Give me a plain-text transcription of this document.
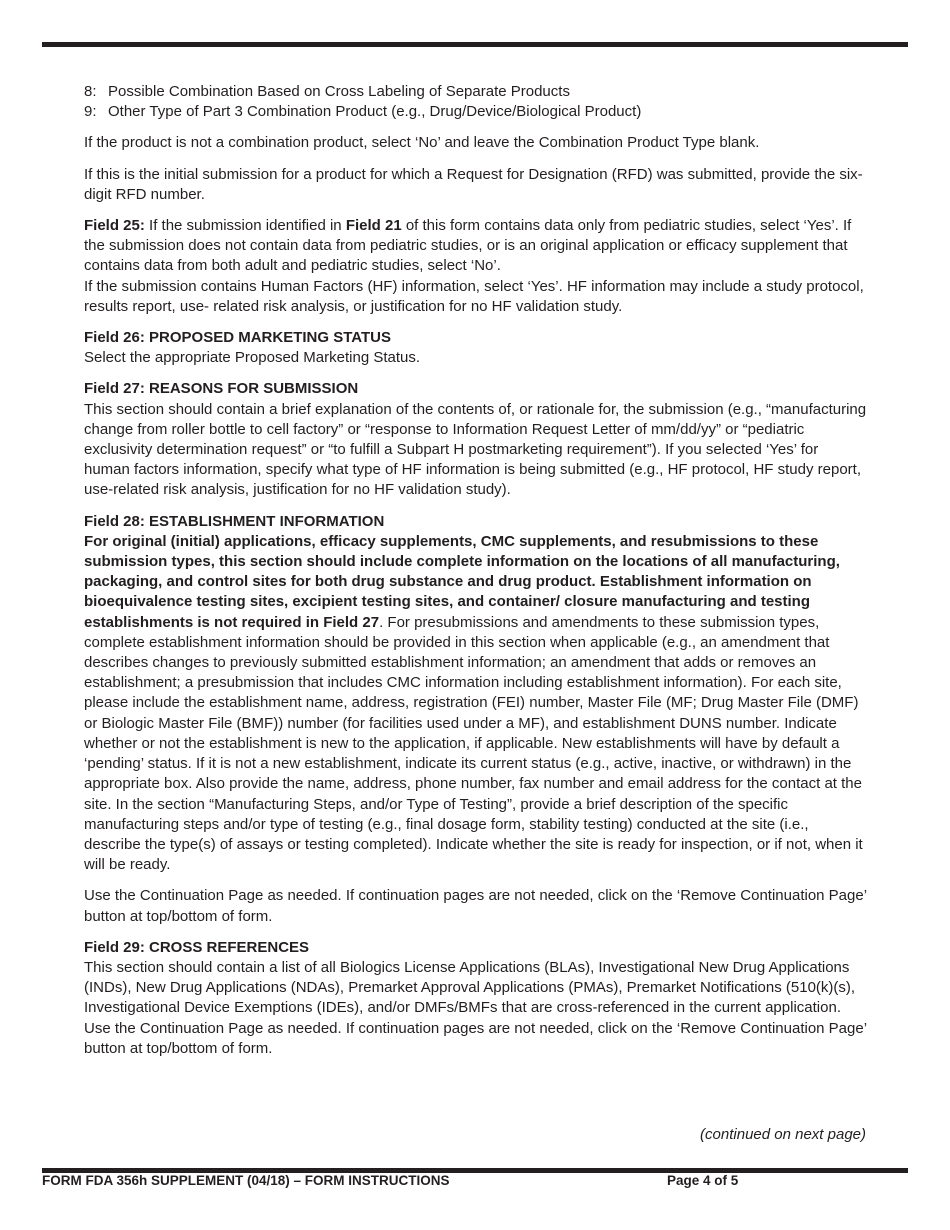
8: Possible Combination Based on Cross Labeling of Separate Products
9: Other Type of Part 3 Combination Product (e.g., Drug/Device/Biological Product)

If the product is not a combination product, select ‘No’ and leave the Combination Product Type blank.

If this is the initial submission for a product for which a Request for Designation (RFD) was submitted, provide the six-digit RFD number.

Field 25: If the submission identified in Field 21 of this form contains data only from pediatric studies, select ‘Yes’. If the submission does not contain data from pediatric studies, or is an original application or efficacy supplement that contains data from both adult and pediatric studies, select ‘No’.

If the submission contains Human Factors (HF) information, select ‘Yes’. HF information may include a study protocol, results report, use- related risk analysis, or justification for no HF validation study.

Field 26: PROPOSED MARKETING STATUS

Select the appropriate Proposed Marketing Status.

Field 27: REASONS FOR SUBMISSION

This section should contain a brief explanation of the contents of, or rationale for, the submission (e.g., “manufacturing change from roller bottle to cell factory” or “response to Information Request Letter of mm/dd/yy” or “pediatric exclusivity determination request” or “to fulfill a Subpart H postmarketing requirement”). If you selected ‘Yes’ for human factors information, specify what type of HF information is being submitted (e.g., HF protocol, HF study report, use-related risk analysis, justification for no HF validation study).

Field 28: ESTABLISHMENT INFORMATION

For original (initial) applications, efficacy supplements, CMC supplements, and resubmissions to these submission types, this section should include complete information on the locations of all manufacturing, packaging, and control sites for both drug substance and drug product. Establishment information on bioequivalence testing sites, excipient testing sites, and container/ closure manufacturing and testing establishments is not required in Field 27. For presubmissions and amendments to these submission types, complete establishment information should be provided in this section when applicable (e.g., an amendment that describes changes to previously submitted establishment information; an amendment that adds or removes an establishment; a presubmission that includes CMC information including establishment information). For each site, please include the establishment name, address, registration (FEI) number, Master File (MF; Drug Master File (DMF) or Biologic Master File (BMF)) number (for facilities used under a MF), and establishment DUNS number. Indicate whether or not the establishment is new to the application, if applicable. New establishments will have by default a ‘pending’ status. If it is not a new establishment, indicate its current status (e.g., active, inactive, or withdrawn) in the appropriate box. Also provide the name, address, phone number, fax number and email address for the contact at the site. In the section “Manufacturing Steps, and/or Type of Testing”, provide a brief description of the specific manufacturing steps and/or type of testing (e.g., final dosage form, stability testing) conducted at the site (i.e., describe the type(s) of assays or testing completed). Indicate whether the site is ready for inspection, or if not, when it will be ready.

Use the Continuation Page as needed. If continuation pages are not needed, click on the ‘Remove Continuation Page’ button at top/bottom of form.

Field 29: CROSS REFERENCES

This section should contain a list of all Biologics License Applications (BLAs), Investigational New Drug Applications (INDs), New Drug Applications (NDAs), Premarket Approval Applications (PMAs), Premarket Notifications (510(k)(s), Investigational Device Exemptions (IDEs), and/or DMFs/BMFs that are cross-referenced in the current application. Use the Continuation Page as needed. If continuation pages are not needed, click on the ‘Remove Continuation Page’ button at top/bottom of form.

(continued on next page)
FORM FDA 356h SUPPLEMENT (04/18) – FORM INSTRUCTIONS	Page 4 of 5
